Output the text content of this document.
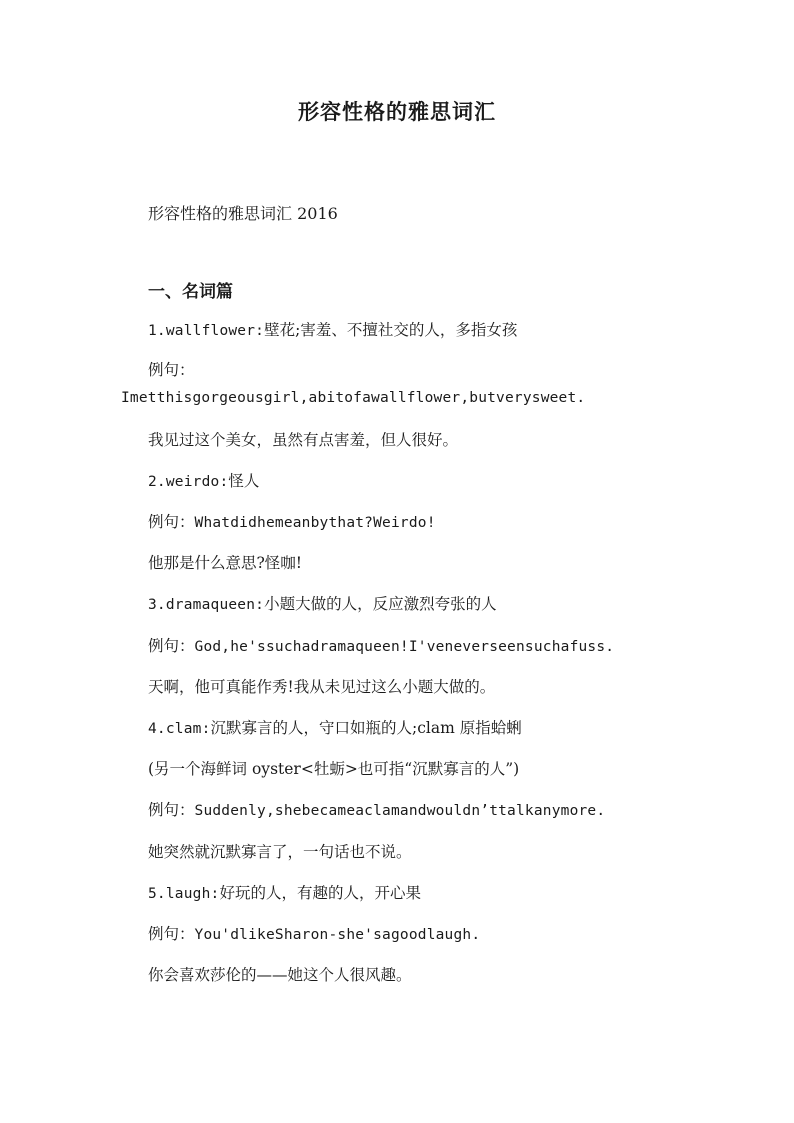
形容性格的雅思词汇
形容性格的雅思词汇 2016
一、名词篇
1.wallflower:壁花;害羞、不擅社交的人，多指女孩
例句：
Imetthisgorgeousgirl,abitofawallflower,butverysweet.
我见过这个美女，虽然有点害羞，但人很好。
2.weirdo:怪人
例句：Whatdidhemeanbythat?Weirdo!
他那是什么意思?怪咖!
3.dramaqueen:小题大做的人，反应激烈夸张的人
例句：God,he'ssuchadramaqueen!I'veneverseensuchafuss.
天啊，他可真能作秀!我从未见过这么小题大做的。
4.clam:沉默寡言的人，守口如瓶的人;clam 原指蛤蜊
(另一个海鲜词 oyster<牡蛎>也可指“沉默寡言的人”)
例句：Suddenly,shebecameaclamandwouldn’ttalkanymore.
她突然就沉默寡言了，一句话也不说。
5.laugh:好玩的人，有趣的人，开心果
例句：You'dlikeSharon-she'sagoodlaugh.
你会喜欢莎伦的——她这个人很风趣。
